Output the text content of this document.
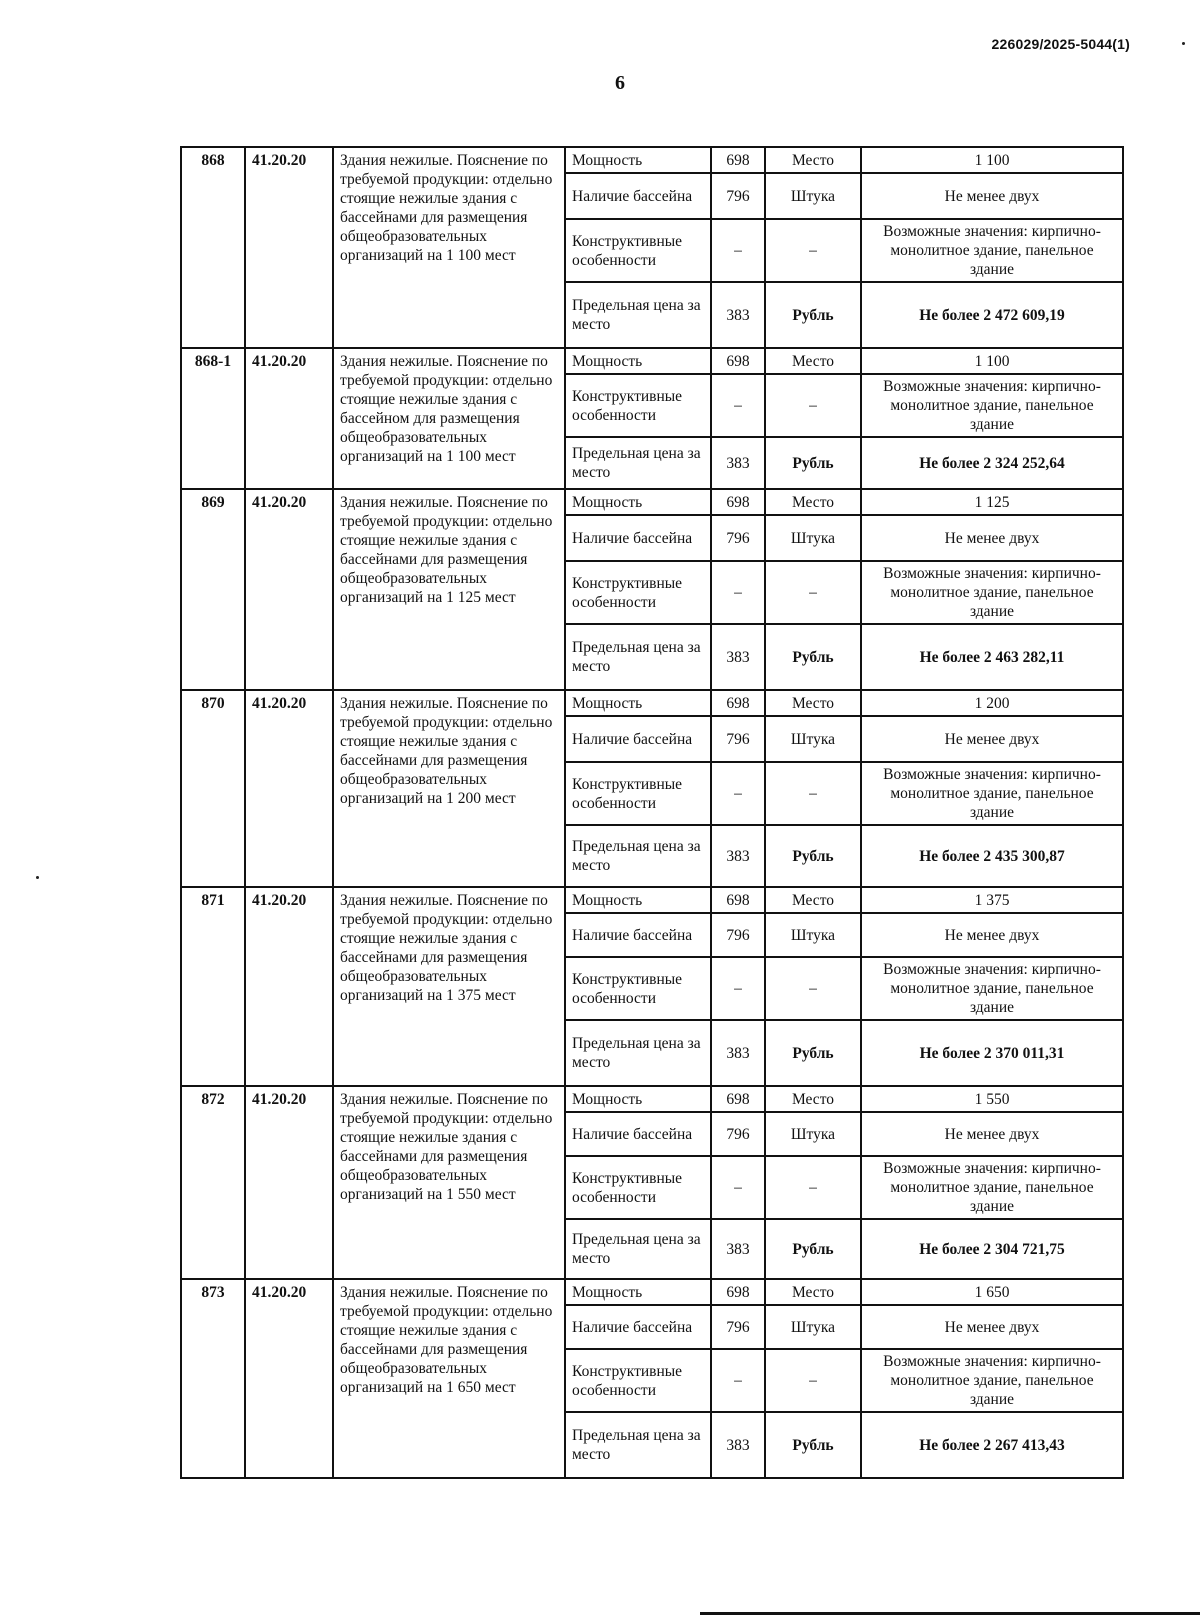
226029/2025-5044(1)
6
868	41.20.20	Здания нежилые. Пояснение по требуемой продукции: отдельно стоящие нежилые здания с бассейнами для размещения общеобразовательных организаций на 1 100 мест	Мощность	698	Место	1 100
			Наличие бассейна	796	Штука	Не менее двух
			Конструктивные особенности	–	–	Возможные значения: кирпично-монолитное здание, панельное здание
			Предельная цена за место	383	Рубль	Не более 2 472 609,19
868-1	41.20.20	Здания нежилые. Пояснение по требуемой продукции: отдельно стоящие нежилые здания с бассейном для размещения общеобразовательных организаций на 1 100 мест	Мощность	698	Место	1 100
			Конструктивные особенности	–	–	Возможные значения: кирпично-монолитное здание, панельное здание
			Предельная цена за место	383	Рубль	Не более 2 324 252,64
869	41.20.20	Здания нежилые. Пояснение по требуемой продукции: отдельно стоящие нежилые здания с бассейнами для размещения общеобразовательных организаций на 1 125 мест	Мощность	698	Место	1 125
			Наличие бассейна	796	Штука	Не менее двух
			Конструктивные особенности	–	–	Возможные значения: кирпично-монолитное здание, панельное здание
			Предельная цена за место	383	Рубль	Не более 2 463 282,11
870	41.20.20	Здания нежилые. Пояснение по требуемой продукции: отдельно стоящие нежилые здания с бассейнами для размещения общеобразовательных организаций на 1 200 мест	Мощность	698	Место	1 200
			Наличие бассейна	796	Штука	Не менее двух
			Конструктивные особенности	–	–	Возможные значения: кирпично-монолитное здание, панельное здание
			Предельная цена за место	383	Рубль	Не более 2 435 300,87
871	41.20.20	Здания нежилые. Пояснение по требуемой продукции: отдельно стоящие нежилые здания с бассейнами для размещения общеобразовательных организаций на 1 375 мест	Мощность	698	Место	1 375
			Наличие бассейна	796	Штука	Не менее двух
			Конструктивные особенности	–	–	Возможные значения: кирпично-монолитное здание, панельное здание
			Предельная цена за место	383	Рубль	Не более 2 370 011,31
872	41.20.20	Здания нежилые. Пояснение по требуемой продукции: отдельно стоящие нежилые здания с бассейнами для размещения общеобразовательных организаций на 1 550 мест	Мощность	698	Место	1 550
			Наличие бассейна	796	Штука	Не менее двух
			Конструктивные особенности	–	–	Возможные значения: кирпично-монолитное здание, панельное здание
			Предельная цена за место	383	Рубль	Не более 2 304 721,75
873	41.20.20	Здания нежилые. Пояснение по требуемой продукции: отдельно стоящие нежилые здания с бассейнами для размещения общеобразовательных организаций на 1 650 мест	Мощность	698	Место	1 650
			Наличие бассейна	796	Штука	Не менее двух
			Конструктивные особенности	–	–	Возможные значения: кирпично-монолитное здание, панельное здание
			Предельная цена за место	383	Рубль	Не более 2 267 413,43
